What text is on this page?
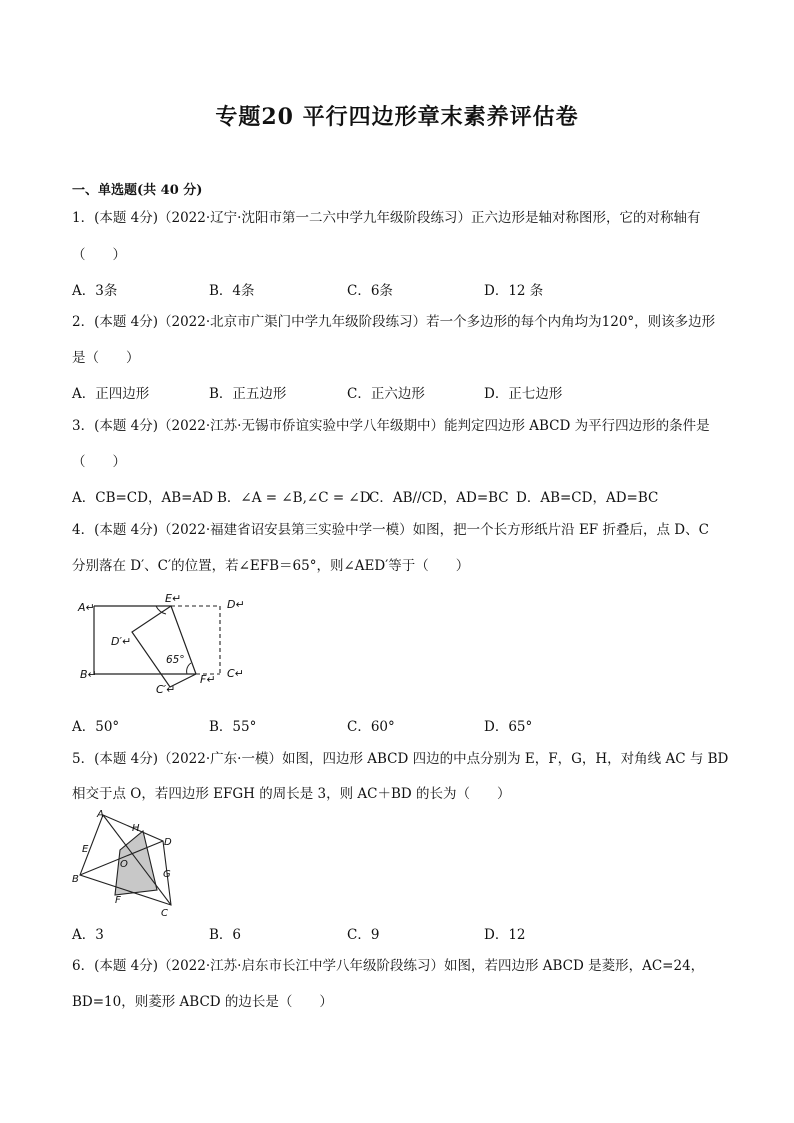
专题20 平行四边形章末素养评估卷
一、单选题(共 40 分)
1．(本题 4分)（2022·辽宁·沈阳市第一二六中学九年级阶段练习）正六边形是轴对称图形，它的对称轴有
（　　）
A．3条	B．4条	C．6条	D．12 条
2．(本题 4分)（2022·北京市广渠门中学九年级阶段练习）若一个多边形的每个内角均为120°，则该多边形
是（　　）
A．正四边形	B．正五边形	C．正六边形	D．正七边形
3．(本题 4分)（2022·江苏·无锡市侨谊实验中学八年级期中）能判定四边形 ABCD 为平行四边形的条件是
（　　）
A．CB=CD，AB=AD B．∠A = ∠B,∠C = ∠D
C．AB//CD，AD=BC D．AB=CD，AD=BC
4．(本题 4分)（2022·福建省诏安县第三实验中学一模）如图，把一个长方形纸片沿 EF 折叠后，点 D、C
分别落在 D′、C′的位置，若∠EFB＝65°，则∠AED′等于（　　）
A↵
E↵	D↵
D′↵
65°
B↵
C′↵
F↵ C↵
A．50°	B．55°	C．60°	D．65°
5．(本题 4分)（2022·广东·一模）如图，四边形 ABCD 四边的中点分别为 E，F，G，H，对角线 AC 与 BD
相交于点 O，若四边形 EFGH 的周长是 3，则 AC＋BD 的长为（　　）
A
H
D
E
O
B	G
F
C
A．3	B．6	C．9	D．12
6．(本题 4分)（2022·江苏·启东市长江中学八年级阶段练习）如图，若四边形 ABCD 是菱形，AC=24，
BD=10，则菱形 ABCD 的边长是（　　）
